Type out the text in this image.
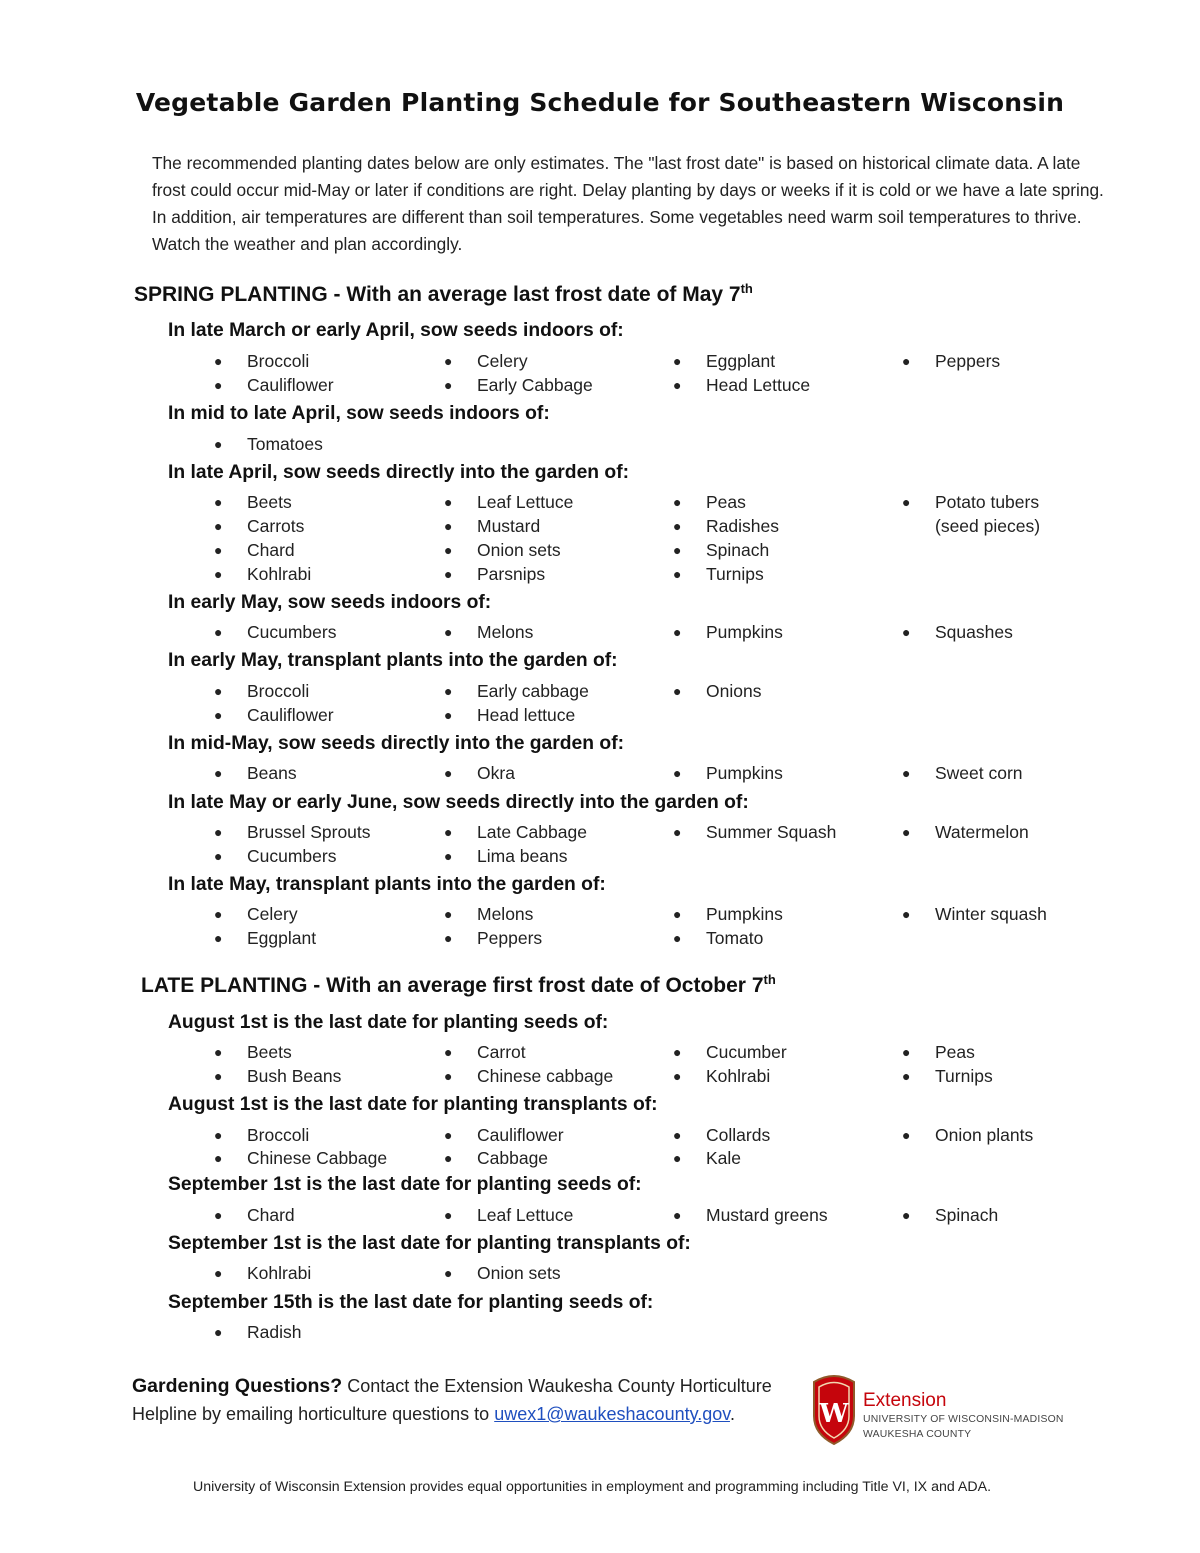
Vegetable Garden Planting Schedule for Southeastern Wisconsin

The recommended planting dates below are only estimates. The "last frost date" is based on historical climate data. A late frost could occur mid-May or later if conditions are right. Delay planting by days or weeks if it is cold or we have a late spring. In addition, air temperatures are different than soil temperatures. Some vegetables need warm soil temperatures to thrive. Watch the weather and plan accordingly.

SPRING PLANTING - With an average last frost date of May 7th

In late March or early April, sow seeds indoors of:

● Broccoli	● Celery	● Eggplant	● Peppers
● Cauliflower	● Early Cabbage	● Head Lettuce

In mid to late April, sow seeds indoors of:

● Tomatoes

In late April, sow seeds directly into the garden of:

● Beets	● Leaf Lettuce	● Peas	● Potato tubers
(seed pieces)
● Carrots	● Mustard	● Radishes
● Chard	● Onion sets	● Spinach
● Kohlrabi	● Parsnips	● Turnips

In early May, sow seeds indoors of:

● Cucumbers	● Melons	● Pumpkins	● Squashes

In early May, transplant plants into the garden of:

● Broccoli	● Early cabbage	● Onions
● Cauliflower	● Head lettuce

In mid-May, sow seeds directly into the garden of:

● Beans	● Okra	● Pumpkins	● Sweet corn

In late May or early June, sow seeds directly into the garden of:

● Brussel Sprouts	● Late Cabbage	● Summer Squash	● Watermelon
● Cucumbers	● Lima beans

In late May, transplant plants into the garden of:

● Celery	● Melons	● Pumpkins	● Winter squash
● Eggplant	● Peppers	● Tomato

LATE PLANTING - With an average first frost date of October 7th

August 1st is the last date for planting seeds of:

● Beets	● Carrot	● Cucumber	● Peas
● Bush Beans	● Chinese cabbage	● Kohlrabi	● Turnips

August 1st is the last date for planting transplants of:

● Broccoli	● Cauliflower	● Collards	● Onion plants
● Chinese Cabbage	● Cabbage	● Kale

September 1st is the last date for planting seeds of:

● Chard	● Leaf Lettuce	● Mustard greens	● Spinach

September 1st is the last date for planting transplants of:

● Kohlrabi	● Onion sets

September 15th is the last date for planting seeds of:

● Radish

Gardening Questions? Contact the Extension Waukesha County Horticulture Helpline by emailing horticulture questions to uwex1@waukeshacounty.gov.	W Extension

UNIVERSITY OF WISCONSIN-MADISON

WAUKESHA COUNTY

University of Wisconsin Extension provides equal opportunities in employment and programming including Title VI, IX and ADA.
